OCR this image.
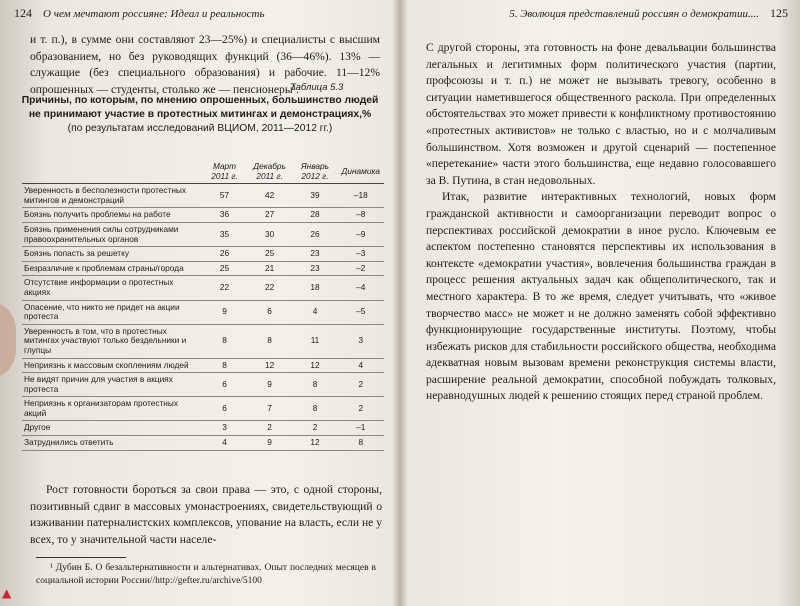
124 О чем мечтают россияне: Идеал и реальность

и т. п.), в сумме они составляют 23—25%) и специалисты с высшим образованием, но без руководящих функций (36—46%). 13% — служащие (без специального образования) и рабочие. 11—12% опрошенных — студенты, столько же — пенсионеры¹.

Таблица 5.3
Причины, по которым, по мнению опрошенных, большинство людей не принимают участие в протестных митингах и демонстрациях,%
(по результатам исследований ВЦИОМ, 2011—2012 гг.)
	Март 2011 г.	Декабрь 2011 г.	Январь 2012 г.	Динамика
Уверенность в бесполезности протестных митингов и демонстраций	57	42	39	–18
Боязнь получить проблемы на работе	36	27	28	–8
Боязнь применения силы сотрудниками правоохранительных органов	35	30	26	–9
Боязнь попасть за решетку	26	25	23	–3
Безразличие к проблемам страны/города	25	21	23	–2
Отсутствие информации о протестных акциях	22	22	18	–4
Опасение, что никто не придет на акции протеста	9	6	4	–5
Уверенность в том, что в протестных митингах участвуют только бездельники и глупцы	8	8	11	3
Неприязнь к массовым скоплениям людей	8	12	12	4
Не видят причин для участия в акциях протеста	6	9	8	2
Неприязнь к организаторам протестных акций	6	7	8	2
Другое	3	2	2	–1
Затруднились ответить	4	9	12	8

Рост готовности бороться за свои права — это, с одной стороны, позитивный сдвиг в массовых умонастроениях, свидетельствующий о изживании патерналистских комплексов, упование на власть, если не у всех, то у значительной части населе-

¹ Дубин Б. О безальтернативности и альтернативах. Опыт последних месяцев в социальной истории России//http://gefter.ru/archive/5100

5. Эволюция представлений россиян о демократии.... 125

С другой стороны, эта готовность на фоне девальвации большинства легальных и легитимных форм политического участия (партии, профсоюзы и т. п.) не может не вызывать тревогу, особенно в ситуации наметившегося общественного раскола. При определенных обстоятельствах это может привести к конфликтному противостоянию «протестных активистов» не только с властью, но и с молчаливым большинством. Хотя возможен и другой сценарий — постепенное «перетекание» части этого большинства, еще недавно голосовавшего за В. Путина, в стан недовольных.

Итак, развитие интерактивных технологий, новых форм гражданской активности и самоорганизации переводит вопрос о перспективах российской демократии в иное русло. Ключевым ее аспектом постепенно становятся перспективы их использования в контексте «демократии участия», вовлечения большинства граждан в процесс решения актуальных задач как общеполитического, так и местного характера. В то же время, следует учитывать, что «живое творчество масс» не может и не должно заменять собой эффективно функционирующие государственные институты. Поэтому, чтобы избежать рисков для стабильности российского общества, необходима адекватная новым вызовам времени реконструкция системы власти, расширение реальной демократии, способной побуждать толковых, неравнодушных людей к решению стоящих перед страной проблем.

▲
